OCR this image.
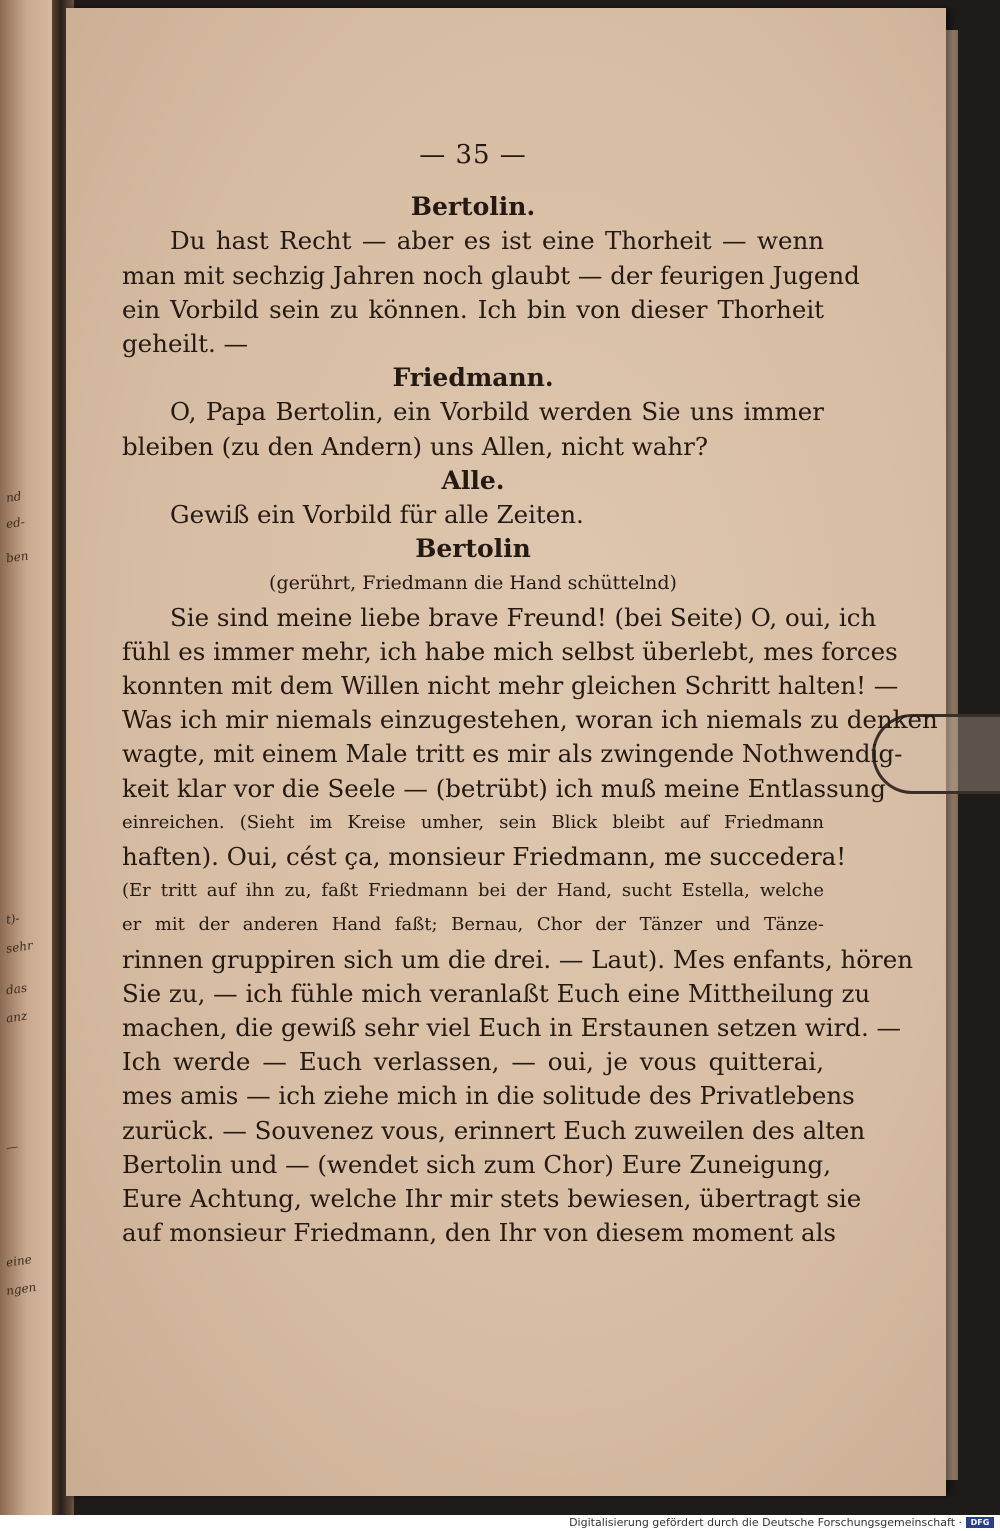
nd
ed-
ben
t)-
sehr
das
anz
—
eine
ngen
— 35 —
Bertolin.
Du hast Recht — aber es ist eine Thorheit — wenn
man mit sechzig Jahren noch glaubt — der feurigen Jugend
ein Vorbild sein zu können. Ich bin von dieser Thorheit
geheilt. —
Friedmann.
O, Papa Bertolin, ein Vorbild werden Sie uns immer
bleiben (zu den Andern) uns Allen, nicht wahr?
Alle.
Gewiß ein Vorbild für alle Zeiten.
Bertolin
(gerührt, Friedmann die Hand schüttelnd)
Sie sind meine liebe brave Freund! (bei Seite) O, oui, ich
fühl es immer mehr, ich habe mich selbst überlebt, mes forces
konnten mit dem Willen nicht mehr gleichen Schritt halten! —
Was ich mir niemals einzugestehen, woran ich niemals zu denken
wagte, mit einem Male tritt es mir als zwingende Nothwendig-
keit klar vor die Seele — (betrübt) ich muß meine Entlassung
einreichen. (Sieht im Kreise umher, sein Blick bleibt auf Friedmann
haften). Oui, cést ça, monsieur Friedmann, me succedera!
(Er tritt auf ihn zu, faßt Friedmann bei der Hand, sucht Estella, welche
er mit der anderen Hand faßt; Bernau, Chor der Tänzer und Tänze-
rinnen gruppiren sich um die drei. — Laut). Mes enfants, hören
Sie zu, — ich fühle mich veranlaßt Euch eine Mittheilung zu
machen, die gewiß sehr viel Euch in Erstaunen setzen wird. —
Ich werde — Euch verlassen, — oui, je vous quitterai,
mes amis — ich ziehe mich in die solitude des Privatlebens
zurück. — Souvenez vous, erinnert Euch zuweilen des alten
Bertolin und — (wendet sich zum Chor) Eure Zuneigung,
Eure Achtung, welche Ihr mir stets bewiesen, übertragt sie
auf monsieur Friedmann, den Ihr von diesem moment als
Digitalisierung gefördert durch die Deutsche Forschungsgemeinschaft ·	DFG
